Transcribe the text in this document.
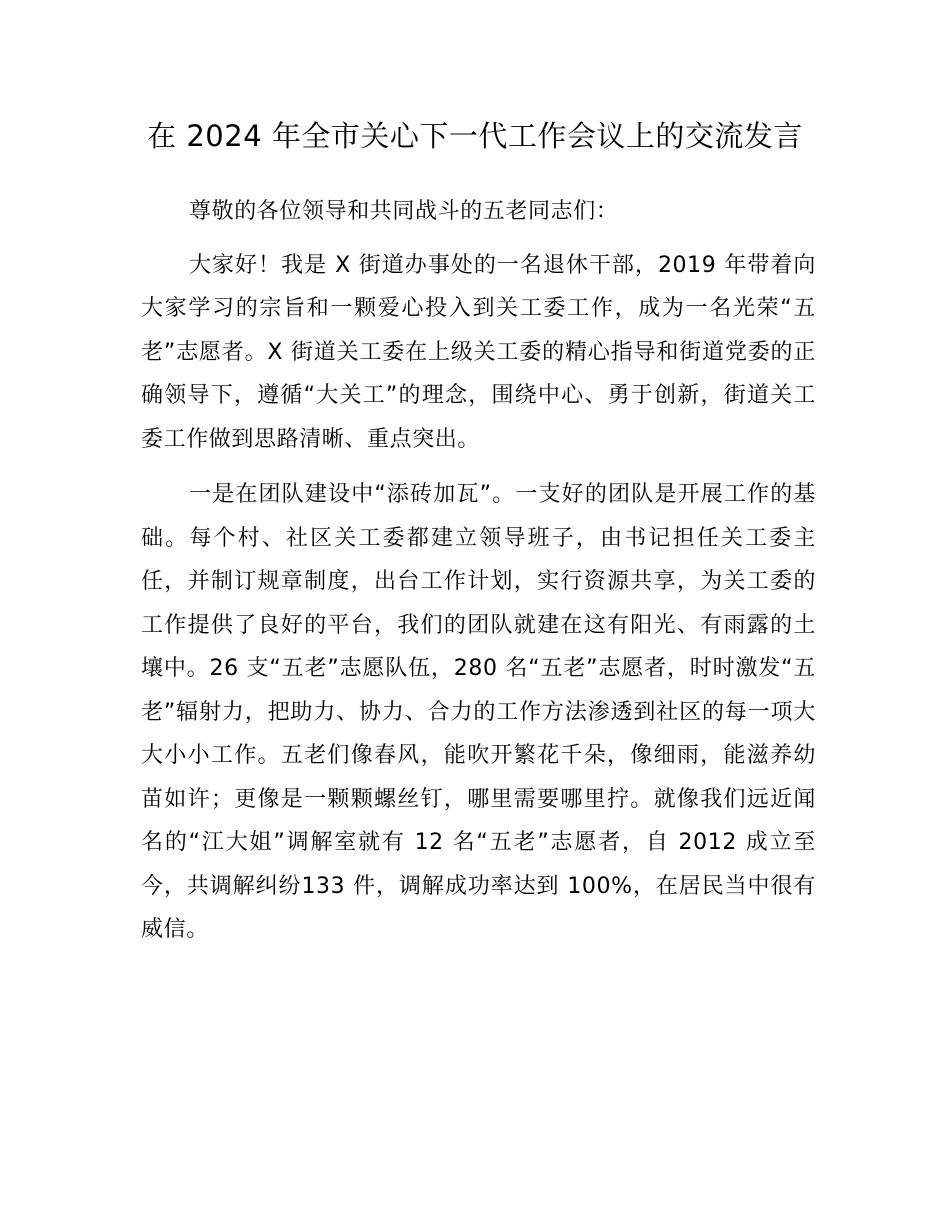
在 2024 年全市关心下一代工作会议上的交流发言

尊敬的各位领导和共同战斗的五老同志们：

大家好！我是 X 街道办事处的一名退休干部，2019 年带着向大家学习的宗旨和一颗爱心投入到关工委工作，成为一名光荣“五老”志愿者。X 街道关工委在上级关工委的精心指导和街道党委的正确领导下，遵循“大关工”的理念，围绕中心、勇于创新，街道关工委工作做到思路清晰、重点突出。

一是在团队建设中“添砖加瓦”。一支好的团队是开展工作的基础。每个村、社区关工委都建立领导班子，由书记担任关工委主任，并制订规章制度，出台工作计划，实行资源共享，为关工委的工作提供了良好的平台，我们的团队就建在这有阳光、有雨露的土壤中。26 支“五老”志愿队伍，280 名“五老”志愿者，时时激发“五老”辐射力，把助力、协力、合力的工作方法渗透到社区的每一项大大小小工作。五老们像春风，能吹开繁花千朵，像细雨，能滋养幼苗如许；更像是一颗颗螺丝钉，哪里需要哪里拧。就像我们远近闻名的“江大姐”调解室就有 12 名“五老”志愿者，自 2012 成立至今，共调解纠纷133 件，调解成功率达到 100%，在居民当中很有威信。
